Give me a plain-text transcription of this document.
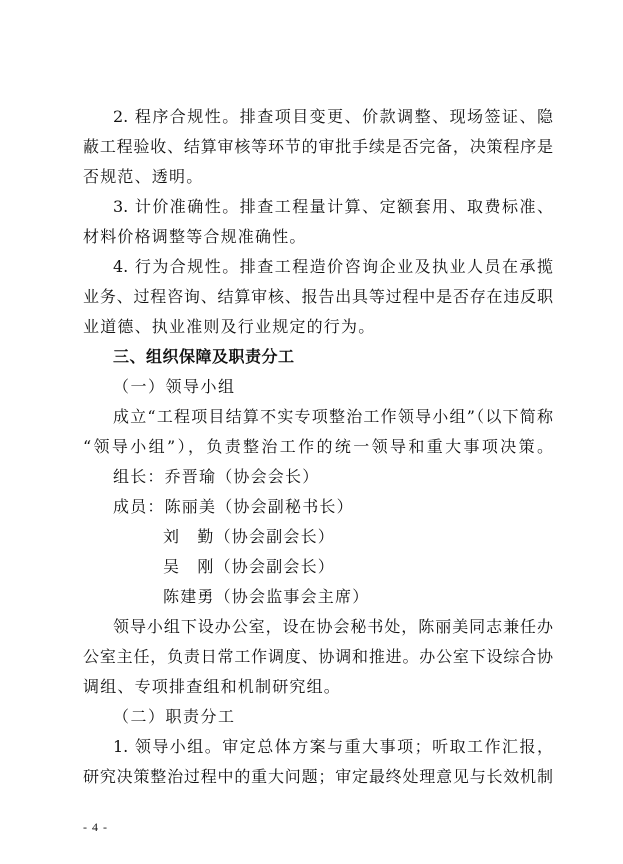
2. 程序合规性。排查项目变更、价款调整、现场签证、隐
蔽工程验收、结算审核等环节的审批手续是否完备，决策程序是
否规范、透明。
3. 计价准确性。排查工程量计算、定额套用、取费标准、
材料价格调整等合规准确性。
4. 行为合规性。排查工程造价咨询企业及执业人员在承揽
业务、过程咨询、结算审核、报告出具等过程中是否存在违反职
业道德、执业准则及行业规定的行为。
三、组织保障及职责分工
（一）领导小组
成立“工程项目结算不实专项整治工作领导小组”（以下简称
“领导小组”），负责整治工作的统一领导和重大事项决策。
组长：乔晋瑜（协会会长）
成员：陈丽美（协会副秘书长）
刘　勤（协会副会长）
吴　刚（协会副会长）
陈建勇（协会监事会主席）
领导小组下设办公室，设在协会秘书处，陈丽美同志兼任办
公室主任，负责日常工作调度、协调和推进。办公室下设综合协
调组、专项排查组和机制研究组。
（二）职责分工
1. 领导小组。审定总体方案与重大事项；听取工作汇报，
研究决策整治过程中的重大问题；审定最终处理意见与长效机制
- 4 -
